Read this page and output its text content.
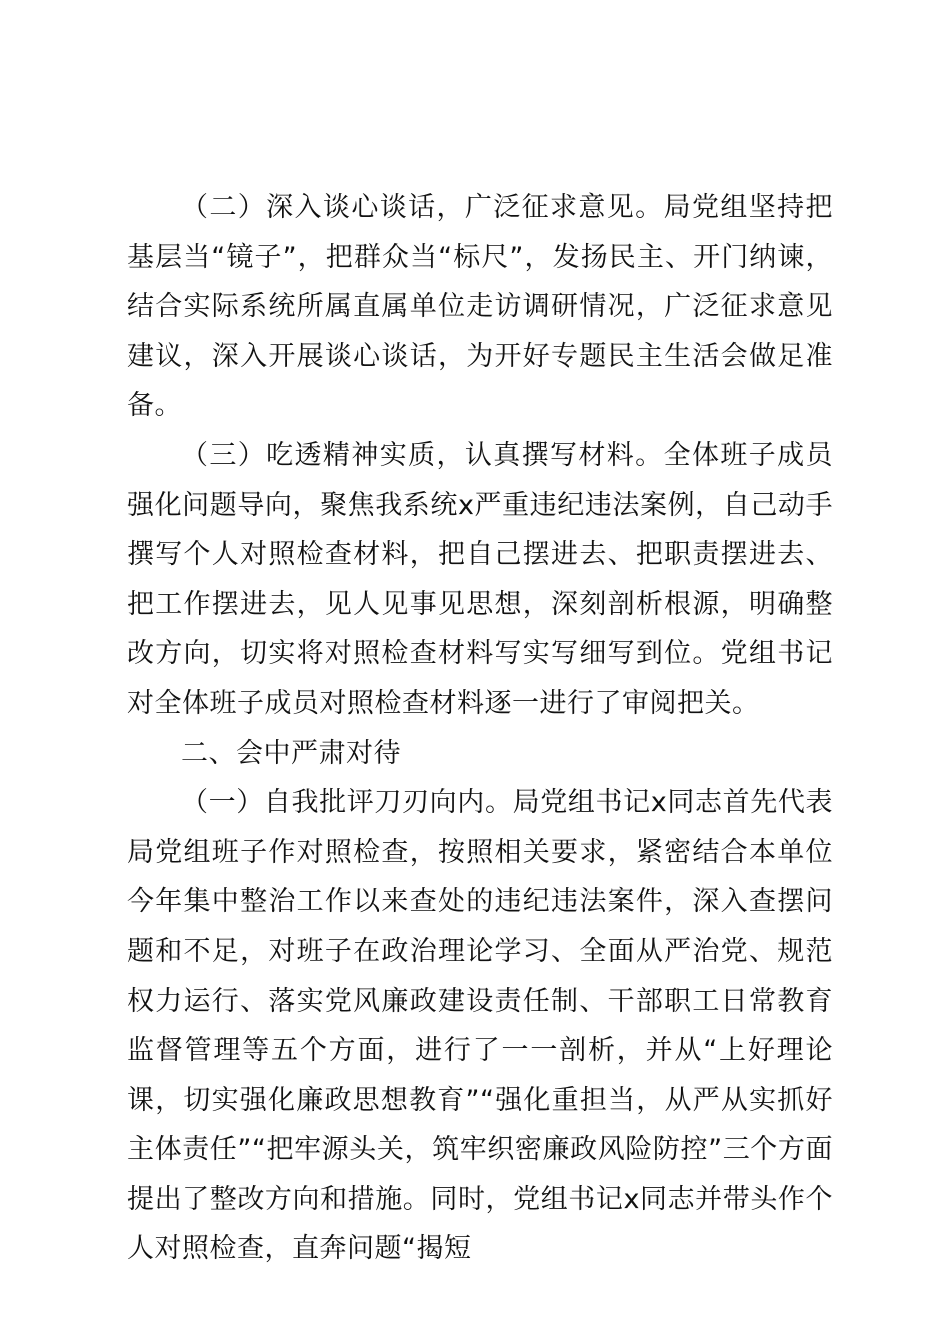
（二）深入谈心谈话，广泛征求意见。局党组坚持把基层当“镜子”，把群众当“标尺”，发扬民主、开门纳谏，结合实际系统所属直属单位走访调研情况，广泛征求意见建议，深入开展谈心谈话，为开好专题民主生活会做足准备。

（三）吃透精神实质，认真撰写材料。全体班子成员强化问题导向，聚焦我系统x严重违纪违法案例，自己动手撰写个人对照检查材料，把自己摆进去、把职责摆进去、把工作摆进去，见人见事见思想，深刻剖析根源，明确整改方向，切实将对照检查材料写实写细写到位。党组书记对全体班子成员对照检查材料逐一进行了审阅把关。

二、会中严肃对待

（一）自我批评刀刃向内。局党组书记x同志首先代表局党组班子作对照检查，按照相关要求，紧密结合本单位今年集中整治工作以来查处的违纪违法案件，深入查摆问题和不足，对班子在政治理论学习、全面从严治党、规范权力运行、落实党风廉政建设责任制、干部职工日常教育监督管理等五个方面，进行了一一剖析，并从“上好理论课，切实强化廉政思想教育”“强化重担当，从严从实抓好主体责任”“把牢源头关，筑牢织密廉政风险防控”三个方面提出了整改方向和措施。同时，党组书记x同志并带头作个人对照检查，直奔问题“揭短
